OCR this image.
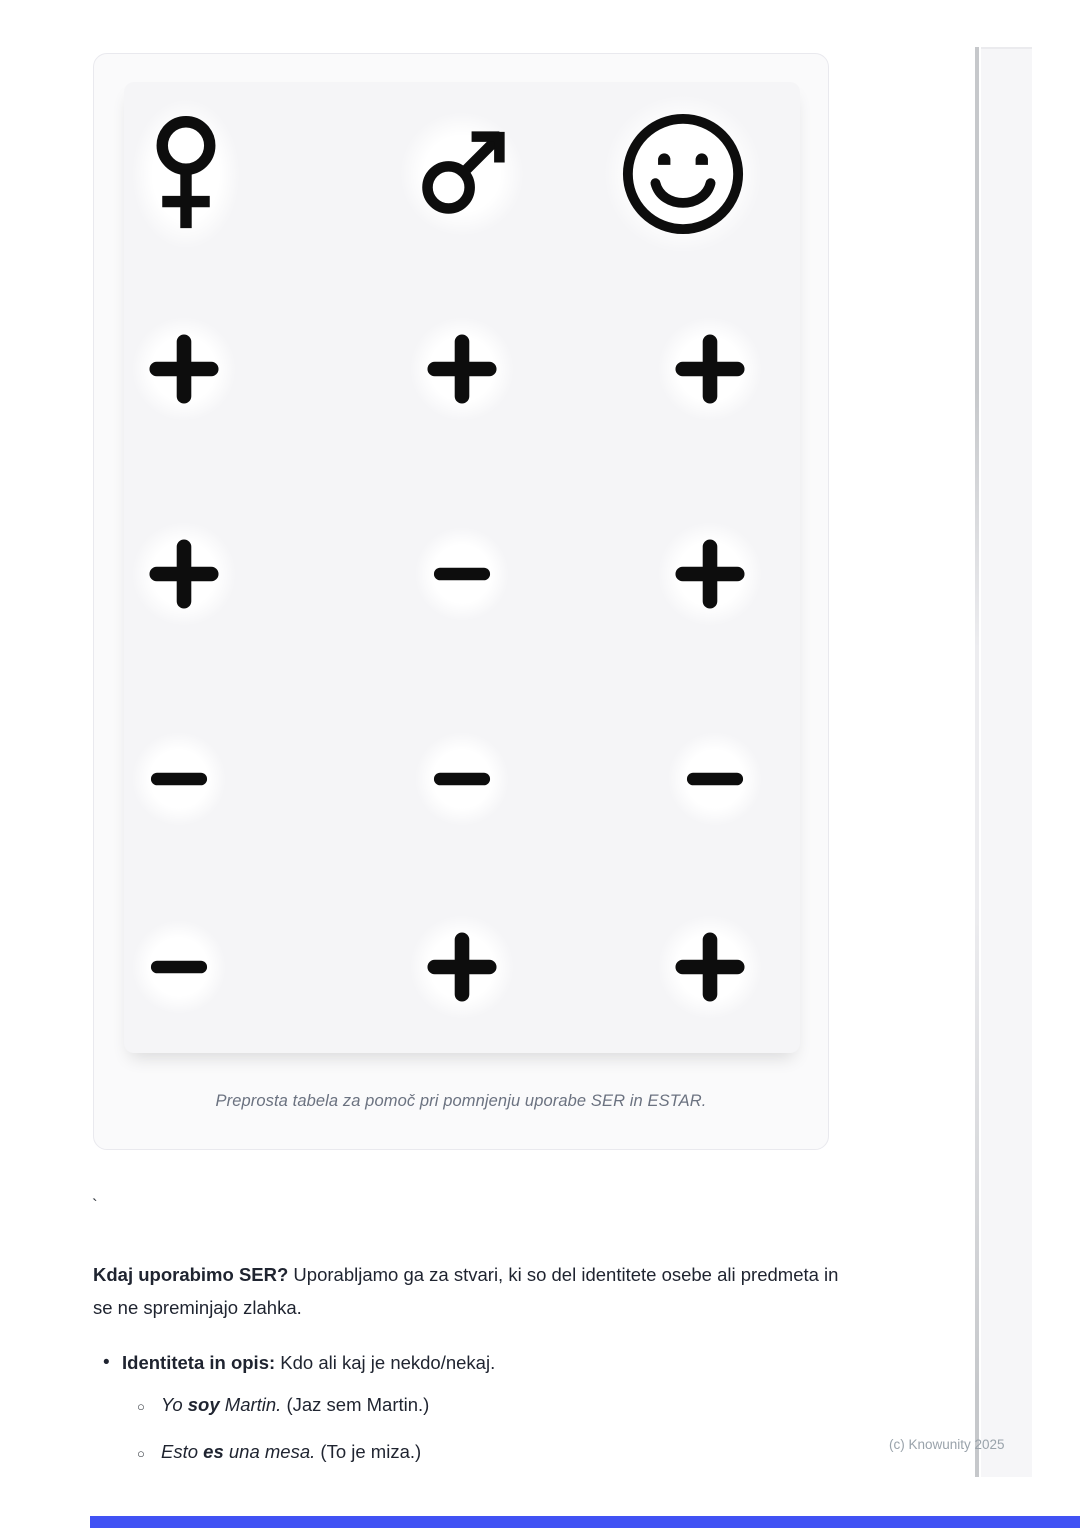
Preprosta tabela za pomoč pri pomnjenju uporabe SER in ESTAR.
`

Kdaj uporabimo SER? Uporabljamo ga za stvari, ki so del identitete osebe ali predmeta in se ne spreminjajo zlahka.

• Identiteta in opis: Kdo ali kaj je nekdo/nekaj.
○ Yo soy Martin. (Jaz sem Martin.)
○ Esto es una mesa. (To je miza.)	(c) Knowunity 2025
